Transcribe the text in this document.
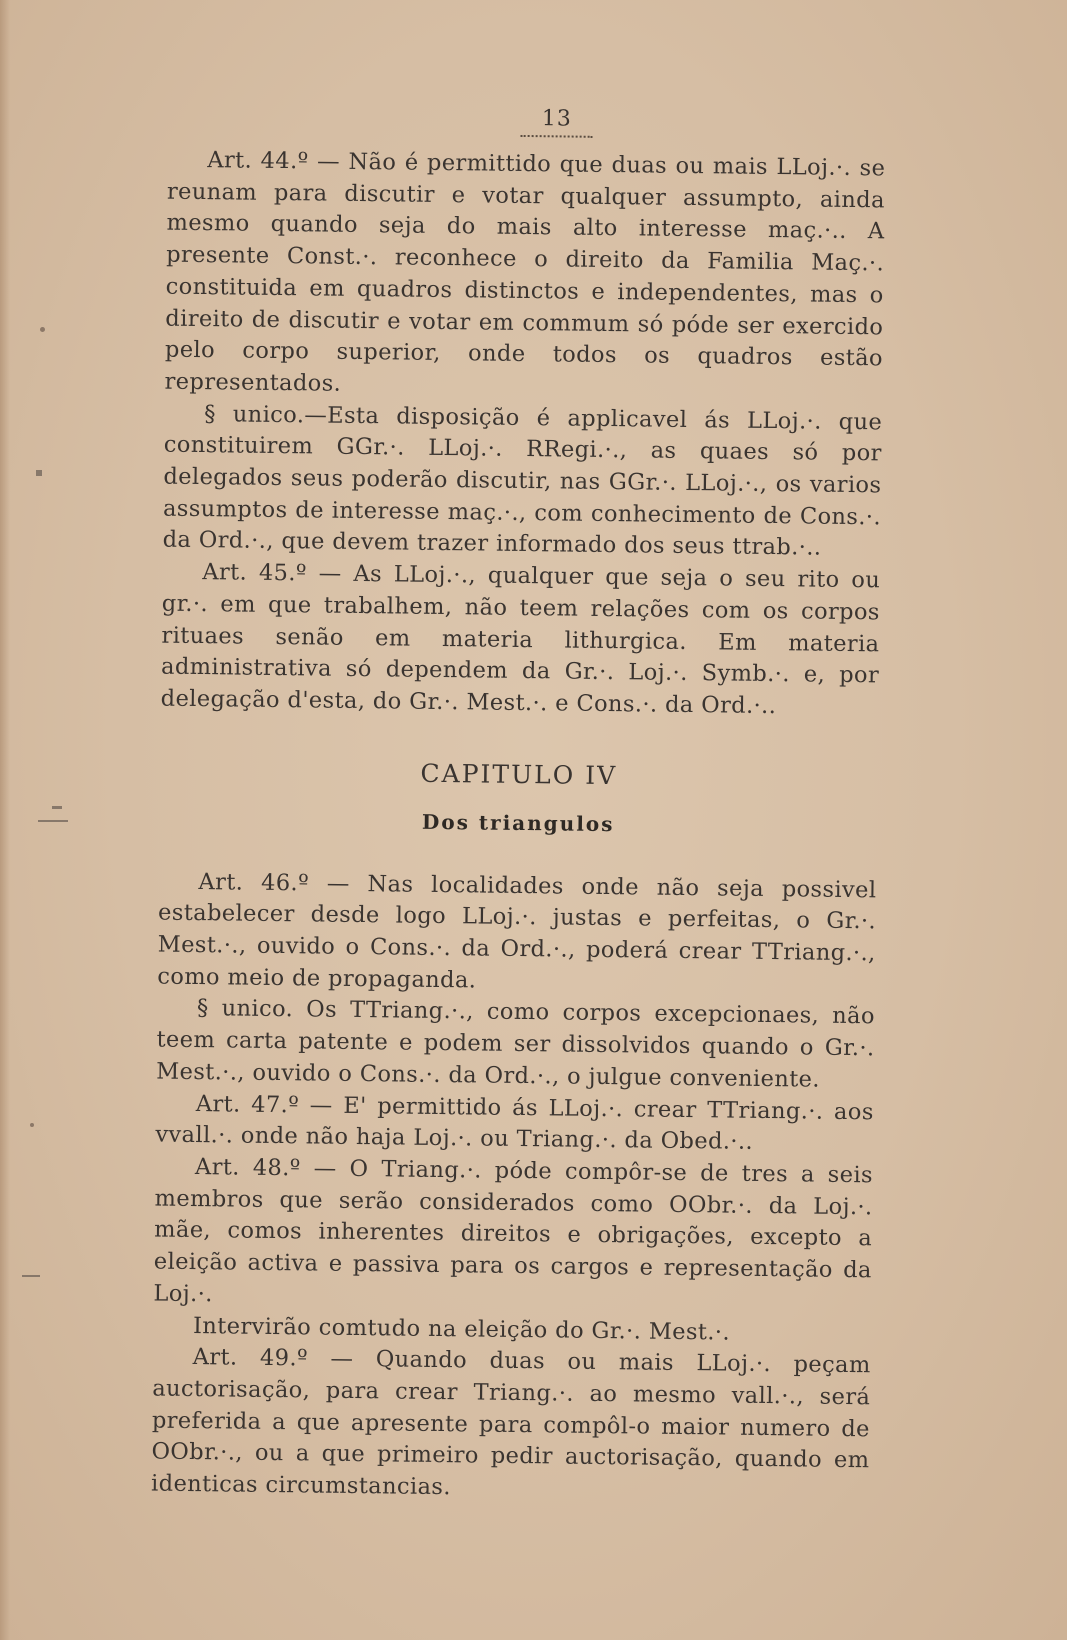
13

Art. 44.º — Não é permittido que duas ou mais LLoj.·. se reunam para discutir e votar qualquer assumpto, ainda mesmo quando seja do mais alto interesse maç.·.. A presente Const.·. reconhece o direito da Familia Maç.·. constituida em quadros distinctos e independentes, mas o direito de discutir e votar em commum só póde ser exercido pelo corpo superior, onde todos os quadros estão representados.

§ unico.—Esta disposição é applicavel ás LLoj.·. que constituirem GGr.·. LLoj.·. RRegi.·., as quaes só por delegados seus poderão discutir, nas GGr.·. LLoj.·., os varios assumptos de interesse maç.·., com conhecimento de Cons.·. da Ord.·., que devem trazer informado dos seus ttrab.·..

Art. 45.º — As LLoj.·., qualquer que seja o seu rito ou gr.·. em que trabalhem, não teem relações com os corpos rituaes senão em materia lithurgica. Em materia administrativa só dependem da Gr.·. Loj.·. Symb.·. e, por delegação d'esta, do Gr.·. Mest.·. e Cons.·. da Ord.·..

CAPITULO IV
Dos triangulos

Art. 46.º — Nas localidades onde não seja possivel estabelecer desde logo LLoj.·. justas e perfeitas, o Gr.·. Mest.·., ouvido o Cons.·. da Ord.·., poderá crear TTriang.·., como meio de propaganda.

§ unico. Os TTriang.·., como corpos excepcionaes, não teem carta patente e podem ser dissolvidos quando o Gr.·. Mest.·., ouvido o Cons.·. da Ord.·., o julgue conveniente.

Art. 47.º — E' permittido ás LLoj.·. crear TTriang.·. aos vvall.·. onde não haja Loj.·. ou Triang.·. da Obed.·..

Art. 48.º — O Triang.·. póde compôr-se de tres a seis membros que serão considerados como OObr.·. da Loj.·. mãe, comos inherentes direitos e obrigações, excepto a eleição activa e passiva para os cargos e representação da Loj.·.

Intervirão comtudo na eleição do Gr.·. Mest.·.

Art. 49.º — Quando duas ou mais LLoj.·. peçam auctorisação, para crear Triang.·. ao mesmo vall.·., será preferida a que apresente para compôl-o maior numero de OObr.·., ou a que primeiro pedir auctorisação, quando em identicas circumstancias.
